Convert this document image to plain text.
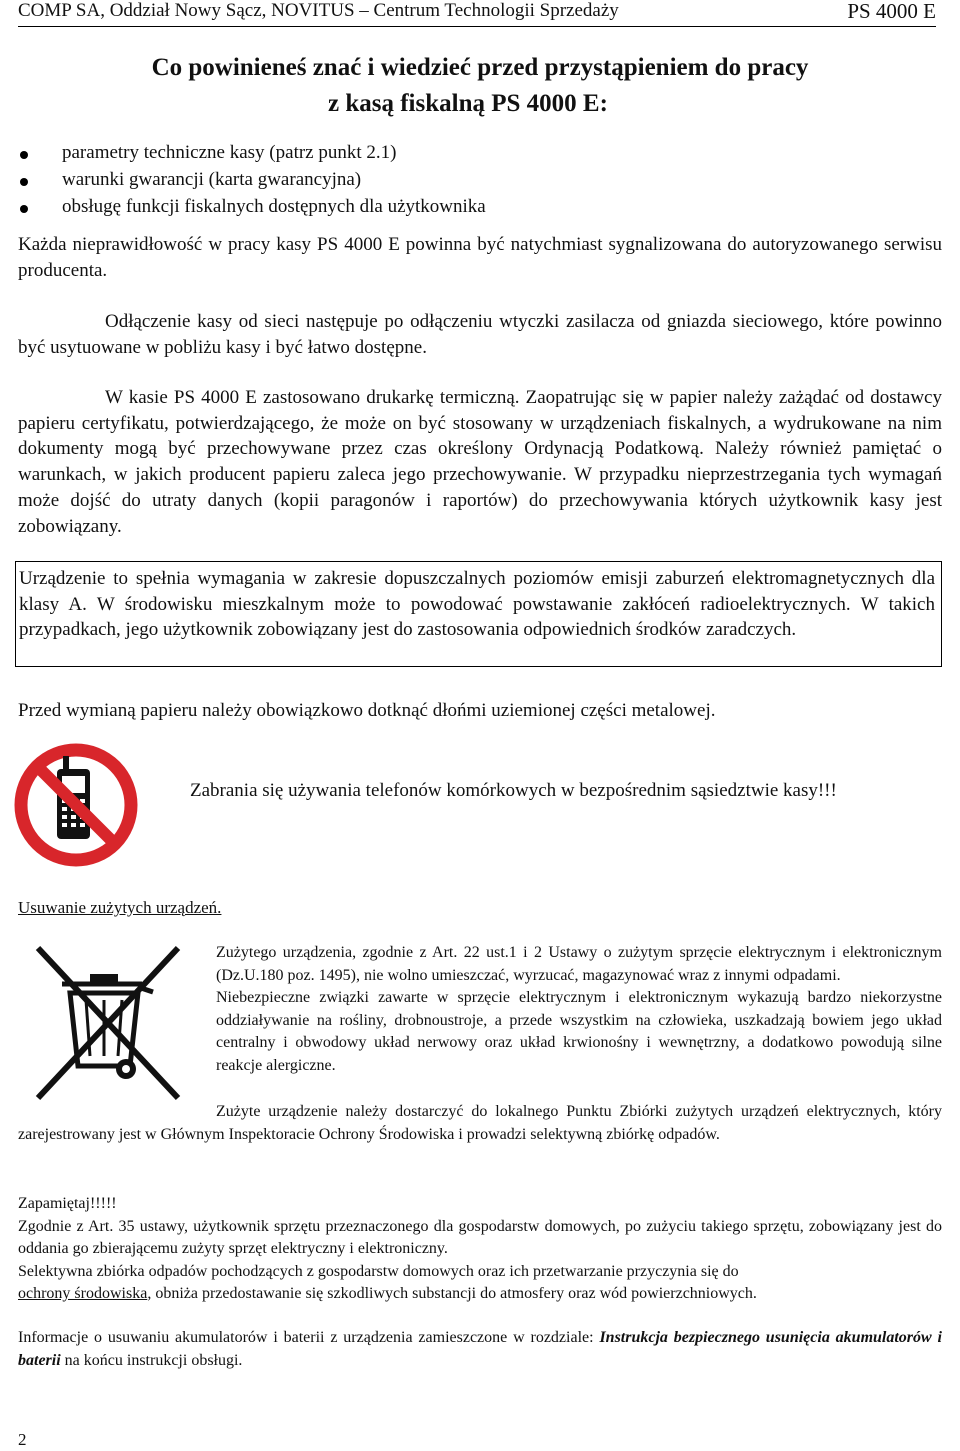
COMP SA, Oddział Nowy Sącz, NOVITUS – Centrum Technologii Sprzedaży	PS 4000 E
Co powinieneś znać i wiedzieć przed przystąpieniem do pracy
z kasą fiskalną PS 4000 E:
parametry techniczne kasy (patrz punkt 2.1)
warunki gwarancji (karta gwarancyjna)
obsługę funkcji fiskalnych dostępnych dla użytkownika
Każda nieprawidłowość w pracy kasy PS 4000 E powinna być natychmiast sygnalizowana do autoryzowanego serwisu producenta.
Odłączenie kasy od sieci następuje po odłączeniu wtyczki zasilacza od gniazda sieciowego, które powinno być usytuowane w pobliżu kasy i być łatwo dostępne.
W kasie PS 4000 E zastosowano drukarkę termiczną. Zaopatrując się w papier należy zażądać od dostawcy papieru certyfikatu, potwierdzającego, że może on być stosowany w urządzeniach fiskalnych, a wydrukowane na nim dokumenty mogą być przechowywane przez czas określony Ordynacją Podatkową. Należy również pamiętać o warunkach, w jakich producent papieru zaleca jego przechowywanie. W przypadku nieprzestrzegania tych wymagań może dojść do utraty danych (kopii paragonów i raportów) do przechowywania których użytkownik kasy jest zobowiązany.
Urządzenie to spełnia wymagania w zakresie dopuszczalnych poziomów emisji zaburzeń elektromagnetycznych dla klasy A. W środowisku mieszkalnym może to powodować powstawanie zakłóceń radioelektrycznych. W takich przypadkach, jego użytkownik zobowiązany jest do zastosowania odpowiednich środków zaradczych.
Przed wymianą papieru należy obowiązkowo dotknąć dłońmi uziemionej części metalowej.
Zabrania się używania telefonów komórkowych w bezpośrednim sąsiedztwie kasy!!!
Usuwanie zużytych urządzeń.
Zużytego urządzenia, zgodnie z Art. 22 ust.1 i 2 Ustawy o zużytym sprzęcie elektrycznym i elektronicznym (Dz.U.180 poz. 1495), nie wolno umieszczać, wyrzucać, magazynować wraz z innymi odpadami.
Niebezpieczne związki zawarte w sprzęcie elektrycznym i elektronicznym wykazują bardzo niekorzystne oddziaływanie na rośliny, drobnoustroje, a przede wszystkim na człowieka, uszkadzają bowiem jego układ centralny i obwodowy układ nerwowy oraz układ krwionośny i wewnętrzny, a dodatkowo powodują silne reakcje alergiczne.
Zużyte urządzenie należy dostarczyć do lokalnego Punktu Zbiórki zużytych urządzeń elektrycznych, który zarejestrowany jest w Głównym Inspektoracie Ochrony Środowiska i prowadzi selektywną zbiórkę odpadów.
Zapamiętaj!!!!!
Zgodnie z Art. 35 ustawy, użytkownik sprzętu przeznaczonego dla gospodarstw domowych, po zużyciu takiego sprzętu, zobowiązany jest do oddania go zbierającemu zużyty sprzęt elektryczny i elektroniczny.
Selektywna zbiórka odpadów pochodzących z gospodarstw domowych oraz ich przetwarzanie przyczynia się do
ochrony środowiska, obniża przedostawanie się szkodliwych substancji do atmosfery oraz wód powierzchniowych.
Informacje o usuwaniu akumulatorów i baterii z urządzenia zamieszczone w rozdziale: Instrukcja bezpiecznego usunięcia akumulatorów i baterii na końcu instrukcji obsługi.
2
